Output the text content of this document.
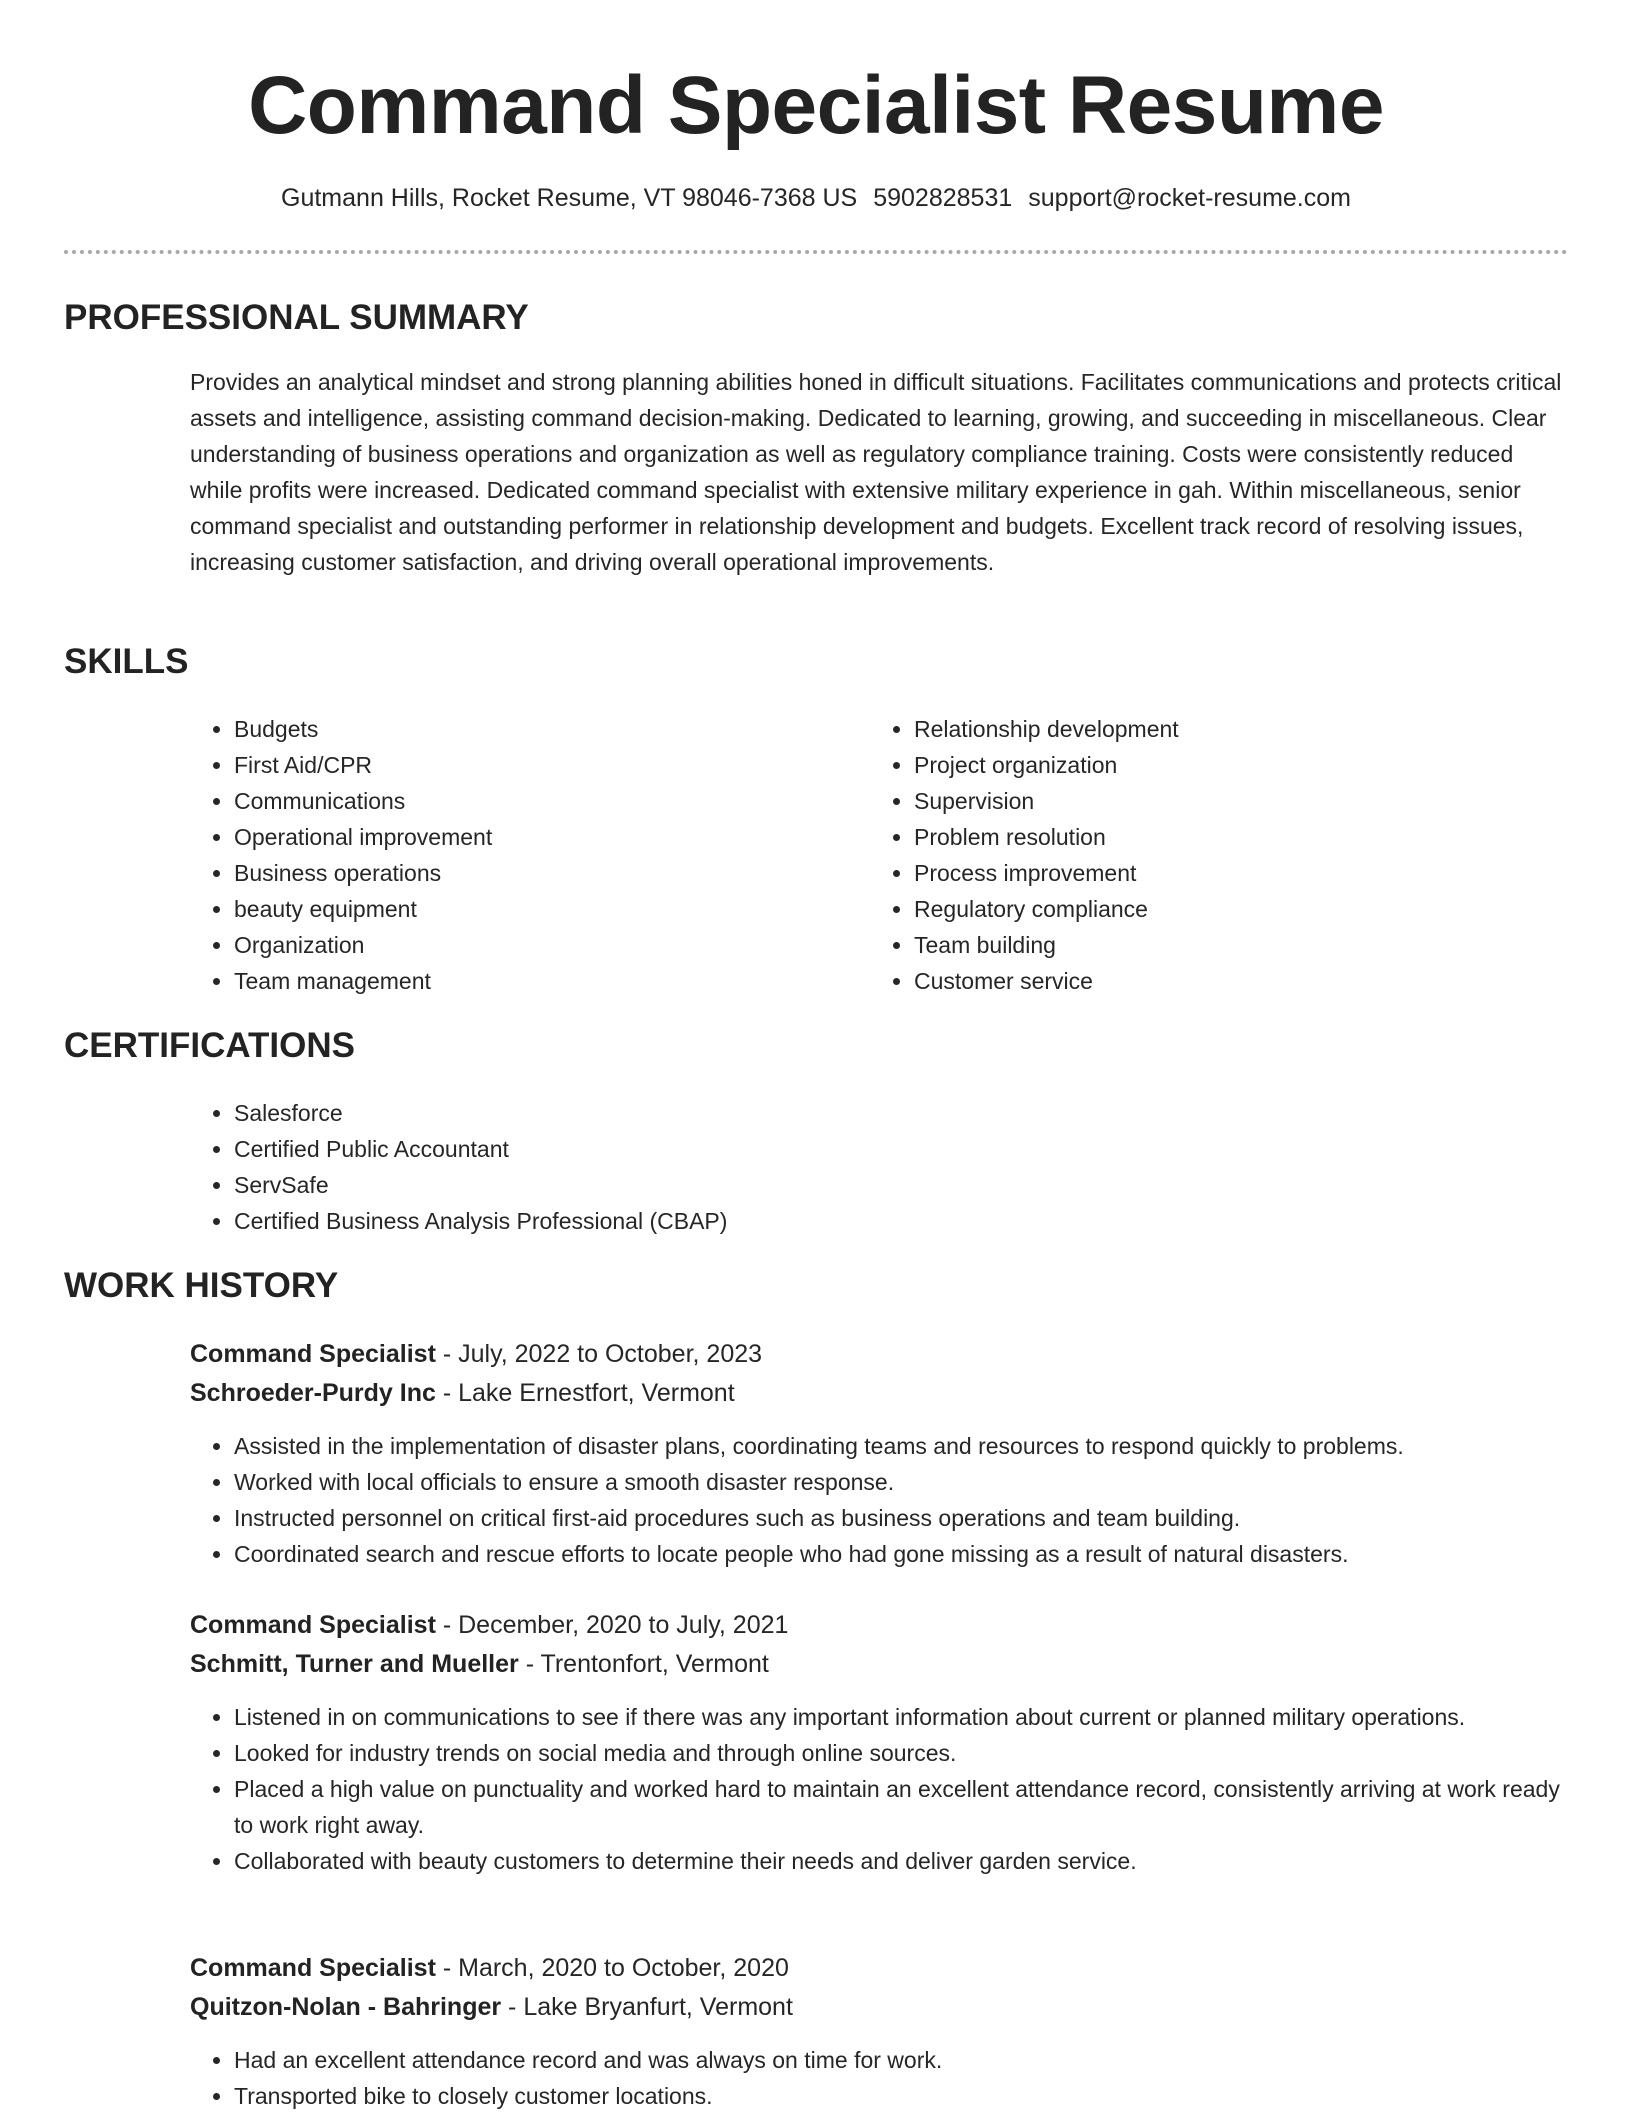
Command Specialist Resume
Gutmann Hills, Rocket Resume, VT 98046-7368 US 5902828531 support@rocket-resume.com
PROFESSIONAL SUMMARY

Provides an analytical mindset and strong planning abilities honed in difficult situations. Facilitates communications and protects critical assets and intelligence, assisting command decision-making. Dedicated to learning, growing, and succeeding in miscellaneous. Clear understanding of business operations and organization as well as regulatory compliance training. Costs were consistently reduced while profits were increased. Dedicated command specialist with extensive military experience in gah. Within miscellaneous, senior command specialist and outstanding performer in relationship development and budgets. Excellent track record of resolving issues, increasing customer satisfaction, and driving overall operational improvements.

SKILLS
• Budgets
• First Aid/CPR
• Communications
• Operational improvement
• Business operations
• beauty equipment
• Organization
• Team management
• Relationship development
• Project organization
• Supervision
• Problem resolution
• Process improvement
• Regulatory compliance
• Team building
• Customer service
CERTIFICATIONS
• Salesforce
• Certified Public Accountant
• ServSafe
• Certified Business Analysis Professional (CBAP)
WORK HISTORY
Command Specialist - July, 2022 to October, 2023
Schroeder-Purdy Inc - Lake Ernestfort, Vermont
• Assisted in the implementation of disaster plans, coordinating teams and resources to respond quickly to problems.
• Worked with local officials to ensure a smooth disaster response.
• Instructed personnel on critical first-aid procedures such as business operations and team building.
• Coordinated search and rescue efforts to locate people who had gone missing as a result of natural disasters.
Command Specialist - December, 2020 to July, 2021
Schmitt, Turner and Mueller - Trentonfort, Vermont
• Listened in on communications to see if there was any important information about current or planned military operations.
• Looked for industry trends on social media and through online sources.
• Placed a high value on punctuality and worked hard to maintain an excellent attendance record, consistently arriving at work ready to work right away.
• Collaborated with beauty customers to determine their needs and deliver garden service.
Command Specialist - March, 2020 to October, 2020
Quitzon-Nolan - Bahringer - Lake Bryanfurt, Vermont
• Had an excellent attendance record and was always on time for work.
• Transported bike to closely customer locations.
